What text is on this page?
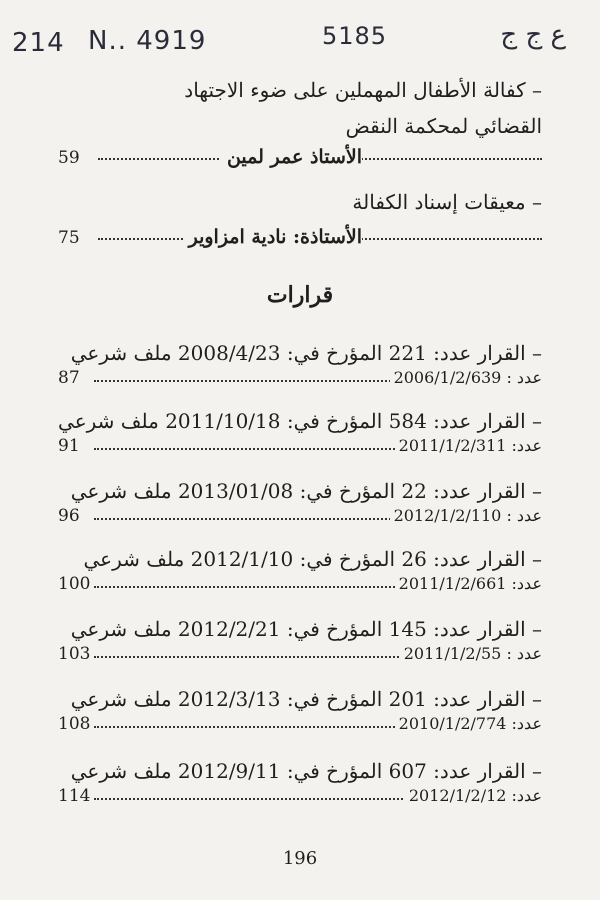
214 N.. 4919	5185	ع ج ج
– كفالة الأطفال المهملين على ضوء الاجتهاد القضائي لمحكمة النقض
59	الأستاذ عمر لمين
– معيقات إسناد الكفالة
75	الأستاذة: نادية امزاوير
قرارات
– القرار عدد: 221 المؤرخ في: 2008/4/23 ملف شرعي
87	عدد : 2006/1/2/639
– القرار عدد: 584 المؤرخ في: 2011/10/18 ملف شرعي
91	عدد: 2011/1/2/311
– القرار عدد: 22 المؤرخ في: 2013/01/08 ملف شرعي
96	عدد : 2012/1/2/110
– القرار عدد: 26 المؤرخ في: 2012/1/10 ملف شرعي
100	عدد: 2011/1/2/661
– القرار عدد: 145 المؤرخ في: 2012/2/21 ملف شرعي
103	عدد : 2011/1/2/55
– القرار عدد: 201 المؤرخ في: 2012/3/13 ملف شرعي
108	عدد: 2010/1/2/774
– القرار عدد: 607 المؤرخ في: 2012/9/11 ملف شرعي
114	عدد: 2012/1/2/12
196
